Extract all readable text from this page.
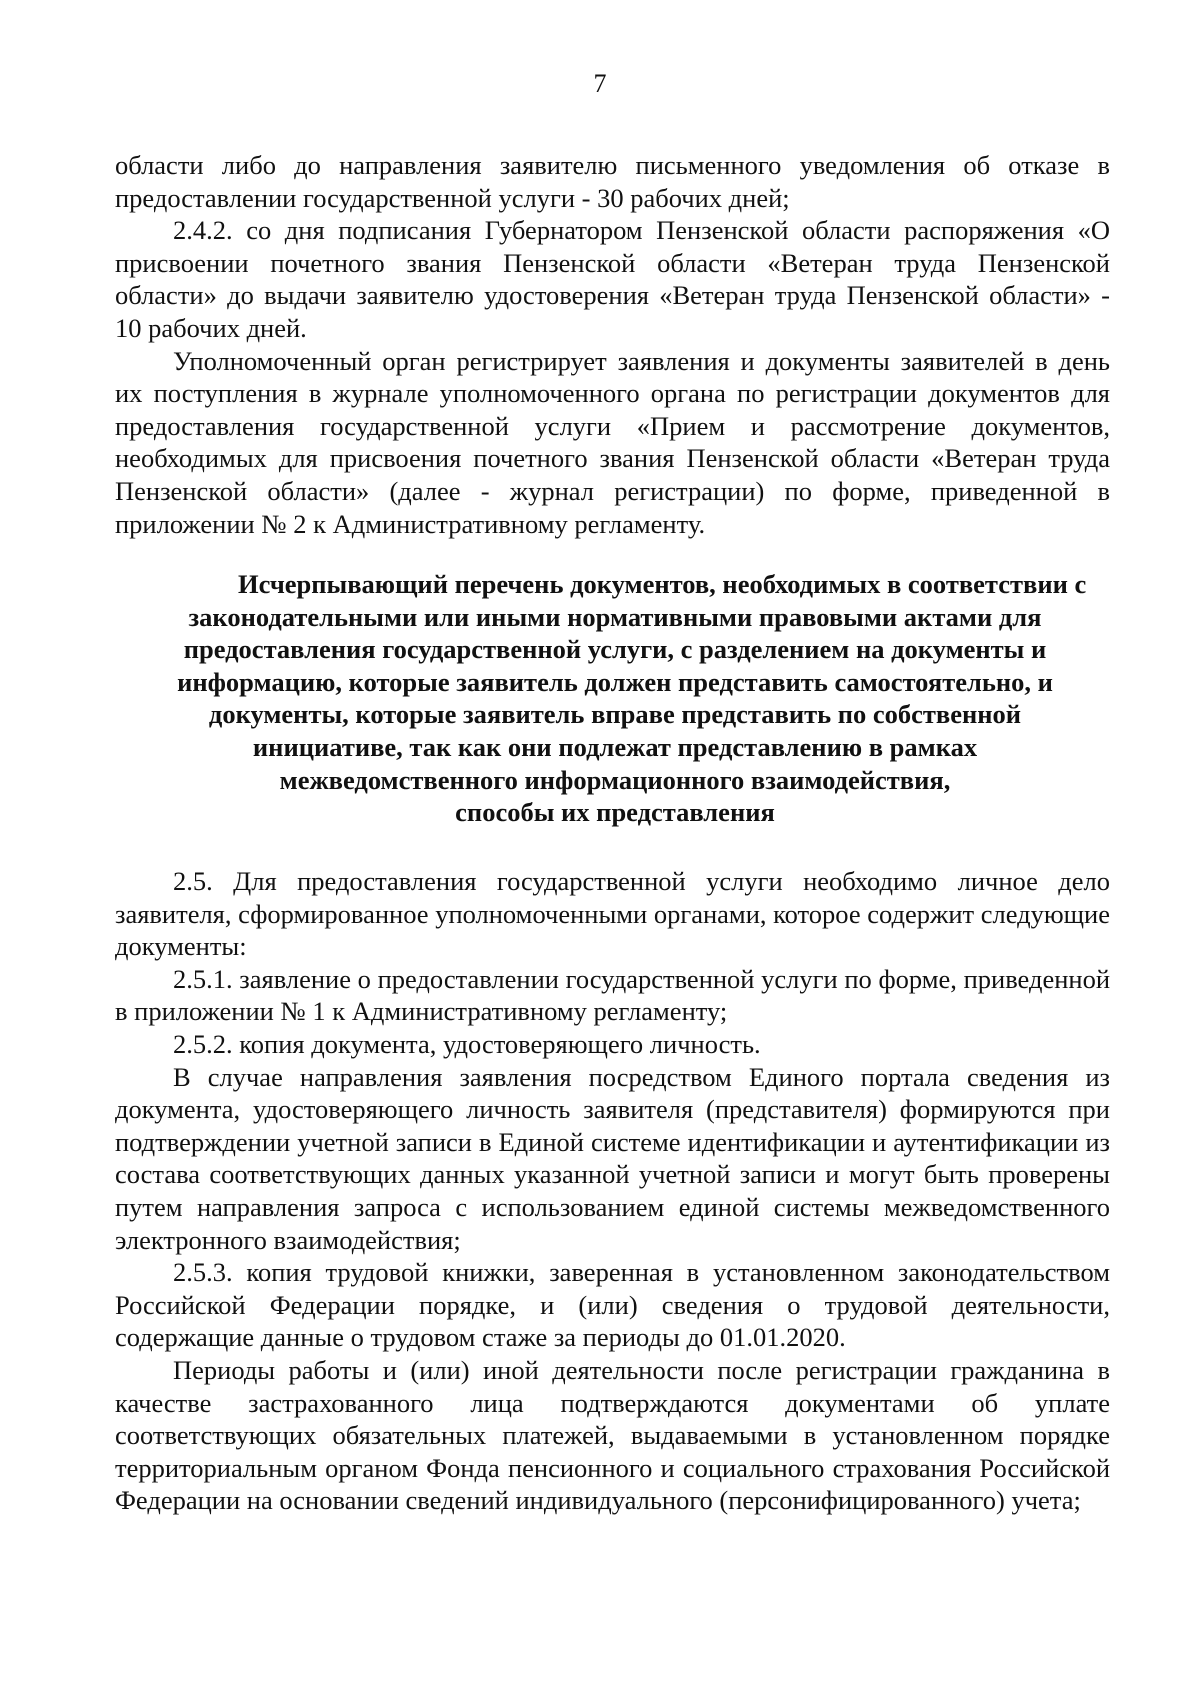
7

области либо до направления заявителю письменного уведомления об отказе в предоставлении государственной услуги - 30 рабочих дней;

2.4.2. со дня подписания Губернатором Пензенской области распоряжения «О присвоении почетного звания Пензенской области «Ветеран труда Пензенской области» до выдачи заявителю удостоверения «Ветеран труда Пензенской области» - 10 рабочих дней.

Уполномоченный орган регистрирует заявления и документы заявителей в день их поступления в журнале уполномоченного органа по регистрации документов для предоставления государственной услуги «Прием и рассмотрение документов, необходимых для присвоения почетного звания Пензенской области «Ветеран труда Пензенской области» (далее - журнал регистрации) по форме, приведенной в приложении № 2 к Административному регламенту.

Исчерпывающий перечень документов, необходимых в соответствии с
законодательными или иными нормативными правовыми актами для
предоставления государственной услуги, с разделением на документы и
информацию, которые заявитель должен представить самостоятельно, и
документы, которые заявитель вправе представить по собственной
инициативе, так как они подлежат представлению в рамках
межведомственного информационного взаимодействия,
способы их представления

2.5. Для предоставления государственной услуги необходимо личное дело заявителя, сформированное уполномоченными органами, которое содержит следующие документы:

2.5.1. заявление о предоставлении государственной услуги по форме, приведенной в приложении № 1 к Административному регламенту;

2.5.2. копия документа, удостоверяющего личность.

В случае направления заявления посредством Единого портала сведения из документа, удостоверяющего личность заявителя (представителя) формируются при подтверждении учетной записи в Единой системе идентификации и аутентификации из состава соответствующих данных указанной учетной записи и могут быть проверены путем направления запроса с использованием единой системы межведомственного электронного взаимодействия;

2.5.3. копия трудовой книжки, заверенная в установленном законодательством Российской Федерации порядке, и (или) сведения о трудовой деятельности, содержащие данные о трудовом стаже за периоды до 01.01.2020.

Периоды работы и (или) иной деятельности после регистрации гражданина в качестве застрахованного лица подтверждаются документами об уплате соответствующих обязательных платежей, выдаваемыми в установленном порядке территориальным органом Фонда пенсионного и социального страхования Российской Федерации на основании сведений индивидуального (персонифицированного) учета;
